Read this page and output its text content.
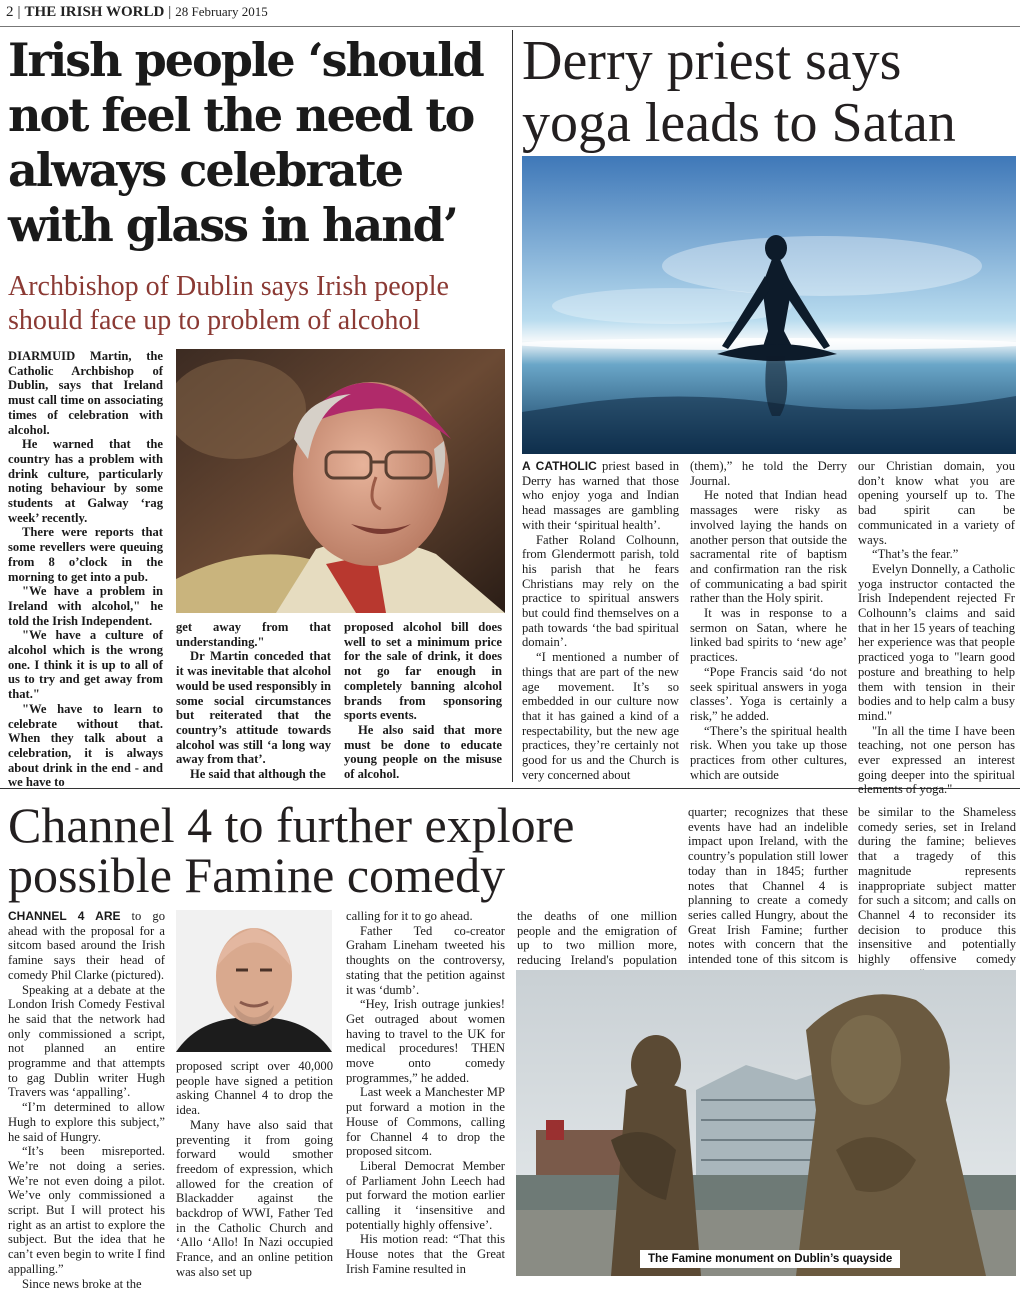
2 | THE IRISH WORLD | 28 February 2015
Irish people ‘should not feel the need to always celebrate with glass in hand’
Archbishop of Dublin says Irish people should face up to problem of alcohol

DIARMUID Martin, the Catholic Archbishop of Dublin, says that Ireland must call time on associating times of celebration with alcohol.

He warned that the country has a problem with drink culture, particularly noting behaviour by some students at Galway ‘rag week’ recently.

There were reports that some revellers were queuing from 8 o’clock in the morning to get into a pub.

"We have a problem in Ireland with alcohol," he told the Irish Independent.

"We have a culture of alcohol which is the wrong one. I think it is up to all of us to try and get away from that."

"We have to learn to celebrate without that. When they talk about a celebration, it is always about drink in the end - and we have to

get away from that understanding."

Dr Martin conceded that it was inevitable that alcohol would be used responsibly in some social circumstances but reiterated that the country’s attitude towards alcohol was still ‘a long way away from that’.

He said that although the

proposed alcohol bill does well to set a minimum price for the sale of drink, it does not go far enough in completely banning alcohol brands from sponsoring sports events.

He also said that more must be done to educate young people on the misuse of alcohol.

Derry priest says yoga leads to Satan

A CATHOLIC priest based in Derry has warned that those who enjoy yoga and Indian head massages are gambling with their ‘spiritual health’.

Father Roland Colhounn, from Glendermott parish, told his parish that he fears Christians may rely on the practice to spiritual answers but could find themselves on a path towards ‘the bad spiritual domain’.

“I mentioned a number of things that are part of the new age movement. It’s so embedded in our culture now that it has gained a kind of a respectability, but the new age practices, they’re certainly not good for us and the Church is very concerned about

(them),” he told the Derry Journal.

He noted that Indian head massages were risky as involved laying the hands on another person that outside the sacramental rite of baptism and confirmation ran the risk of communicating a bad spirit rather than the Holy spirit.

It was in response to a sermon on Satan, where he linked bad spirits to ‘new age’ practices.

“Pope Francis said ‘do not seek spiritual answers in yoga classes’. Yoga is certainly a risk,” he added.

“There’s the spiritual health risk. When you take up those practices from other cultures, which are outside

our Christian domain, you don’t know what you are opening yourself up to. The bad spirit can be communicated in a variety of ways.

“That’s the fear.”

Evelyn Donnelly, a Catholic yoga instructor contacted the Irish Independent rejected Fr Colhounn’s claims and said that in her 15 years of teaching her experience was that people practiced yoga to "learn good posture and breathing to help them with tension in their bodies and to help calm a busy mind."

"In all the time I have been teaching, not one person has ever expressed an interest going deeper into the spiritual elements of yoga."

Channel 4 to further explore possible Famine comedy

CHANNEL 4 ARE to go ahead with the proposal for a sitcom based around the Irish famine says their head of comedy Phil Clarke (pictured).

Speaking at a debate at the London Irish Comedy Festival he said that the network had only commissioned a script, not planned an entire programme and that attempts to gag Dublin writer Hugh Travers was ‘appalling’.

“I’m determined to allow Hugh to explore this subject,” he said of Hungry.

“It’s been misreported. We’re not doing a series. We’re not even doing a pilot. We’ve only commissioned a script. But I will protect his right as an artist to explore the subject. But the idea that he can’t even begin to write I find appalling.”

Since news broke at the

proposed script over 40,000 people have signed a petition asking Channel 4 to drop the idea.

Many have also said that preventing it from going forward would smother freedom of expression, which allowed for the creation of Blackadder against the backdrop of WWI, Father Ted in the Catholic Church and ‘Allo ‘Allo! In Nazi occupied France, and an online petition was also set up

calling for it to go ahead.

Father Ted co-creator Graham Lineham tweeted his thoughts on the controversy, stating that the petition against it was ‘dumb’.

“Hey, Irish outrage junkies! Get outraged about women having to travel to the UK for medical procedures! THEN move onto comedy programmes,” he added.

Last week a Manchester MP put forward a motion in the House of Commons, calling for Channel 4 to drop the proposed sitcom.

Liberal Democrat Member of Parliament John Leech had put forward the motion earlier calling it ‘insensitive and potentially highly offensive’.

His motion read: “That this House notes that the Great Irish Famine resulted in

the deaths of one million people and the emigration of up to two million more, reducing Ireland's population

quarter; recognizes that these events have had an indelible impact upon Ireland, with the country’s population still lower today than in 1845; further notes that Channel 4 is planning to create a comedy series called Hungry, about the Great Irish Famine; further notes with concern that the intended tone of this sitcom is

be similar to the Shameless comedy series, set in Ireland during the famine; believes that a tragedy of this magnitude represents inappropriate subject matter for such a sitcom; and calls on Channel 4 to reconsider its decision to produce this insensitive and potentially highly offensive comedy

The Famine monument on Dublin’s quayside
